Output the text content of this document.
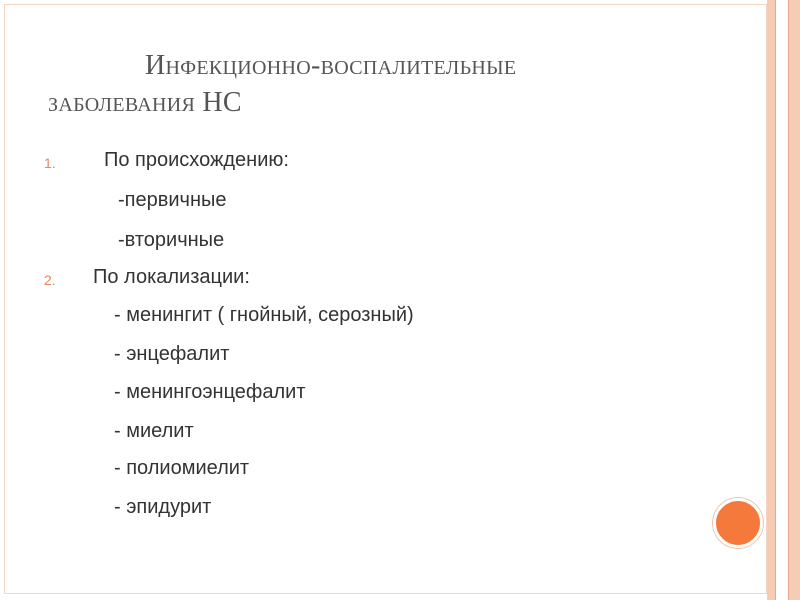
Инфекционно-воспалительные
заболевания НС
1. По происхождению:
-первичные
-вторичные
2. По локализации:
- менингит ( гнойный, серозный)
- энцефалит
- менингоэнцефалит
- миелит
- полиомиелит
- эпидурит
